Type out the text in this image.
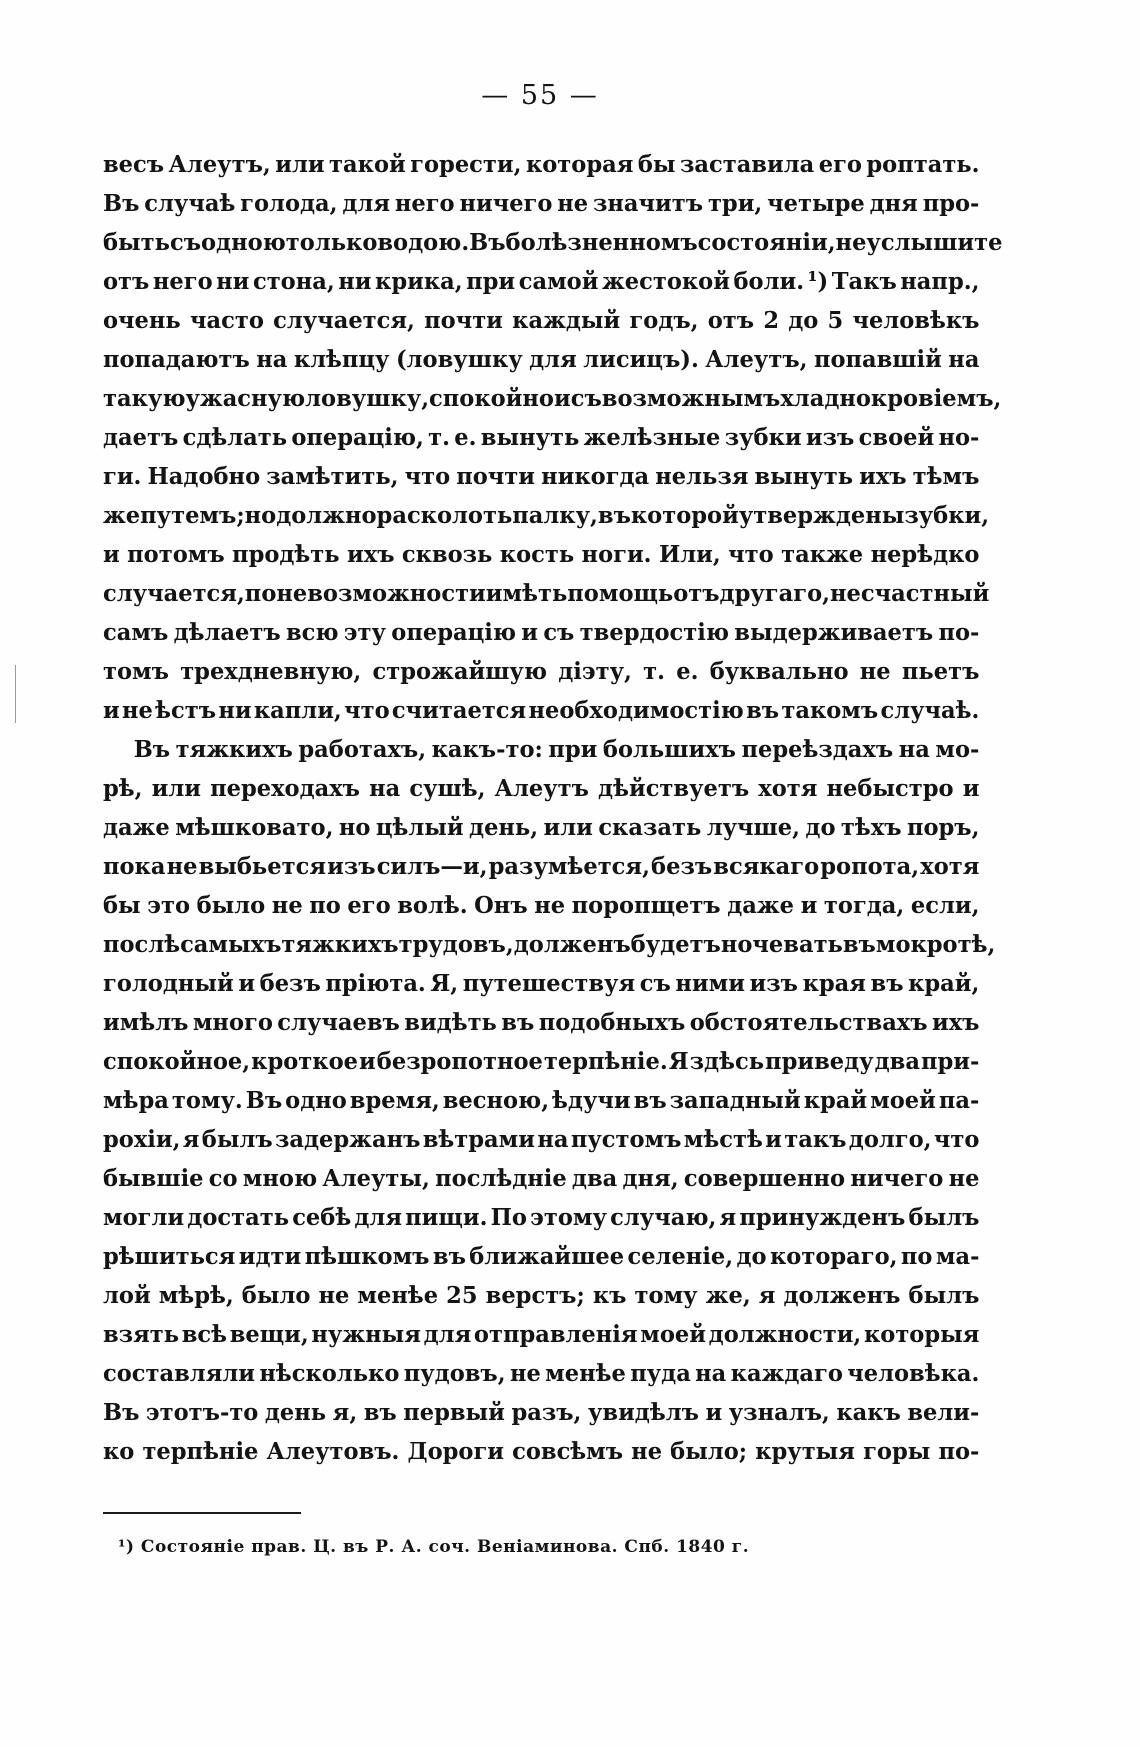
— 55 —
весъ Алеутъ, или такой горести, которая бы заставила его роптать.
Въ случаѣ голода, для него ничего не значитъ три, четыре дня про-
быть съ одною только водою. Въ болѣзненномъ состояніи, не услышите
отъ него ни стона, ни крика, при самой жестокой боли. ¹) Такъ напр.,
очень часто случается, почти каждый годъ, отъ 2 до 5 человѣкъ
попадаютъ на клѣпцу (ловушку для лисицъ). Алеутъ, попавшій на
такую ужасную ловушку, спокойно и съ возможнымъ хладнокровіемъ,
даетъ сдѣлать операцію, т. е. вынуть желѣзные зубки изъ своей но-
ги. Надобно замѣтить, что почти никогда нельзя вынуть ихъ тѣмъ
же путемъ; но должно расколоть палку, въ которой утверждены зубки,
и потомъ продѣть ихъ сквозь кость ноги. Или, что также нерѣдко
случается, по невозможности имѣть помощь отъ другаго, несчастный
самъ дѣлаетъ всю эту операцію и съ твердостію выдерживаетъ по-
томъ трехдневную, строжайшую діэту, т. е. буквально не пьетъ
и не ѣстъ ни капли, что считается необходимостію въ такомъ случаѣ.
Въ тяжкихъ работахъ, какъ-то: при большихъ переѣздахъ на мо-
рѣ, или переходахъ на сушѣ, Алеутъ дѣйствуетъ хотя небыстро и
даже мѣшковато, но цѣлый день, или сказать лучше, до тѣхъ поръ,
пока не выбьется изъ силъ—и, разумѣется, безъ всякаго ропота, хотя
бы это было не по его волѣ. Онъ не поропщетъ даже и тогда, если,
послѣ самыхъ тяжкихъ трудовъ, долженъ будетъ ночевать въ мокротѣ,
голодный и безъ пріюта. Я, путешествуя съ ними изъ края въ край,
имѣлъ много случаевъ видѣть въ подобныхъ обстоятельствахъ ихъ
спокойное, кроткое и безропотное терпѣніе. Я здѣсь приведу два при-
мѣра тому. Въ одно время, весною, ѣдучи въ западный край моей па-
рохіи, я былъ задержанъ вѣтрами на пустомъ мѣстѣ и такъ долго, что
бывшіе со мною Алеуты, послѣдніе два дня, совершенно ничего не
могли достать себѣ для пищи. По этому случаю, я принужденъ былъ
рѣшиться идти пѣшкомъ въ ближайшее селеніе, до котораго, по ма-
лой мѣрѣ, было не менѣе 25 верстъ; къ тому же, я долженъ былъ
взять всѣ вещи, нужныя для отправленія моей должности, которыя
составляли нѣсколько пудовъ, не менѣе пуда на каждаго человѣка.
Въ этотъ-то день я, въ первый разъ, увидѣлъ и узналъ, какъ вели-
ко терпѣніе Алеутовъ. Дороги совсѣмъ не было; крутыя горы по-
¹) Состояніе прав. Ц. въ Р. А. соч. Веніаминова. Спб. 1840 г.
